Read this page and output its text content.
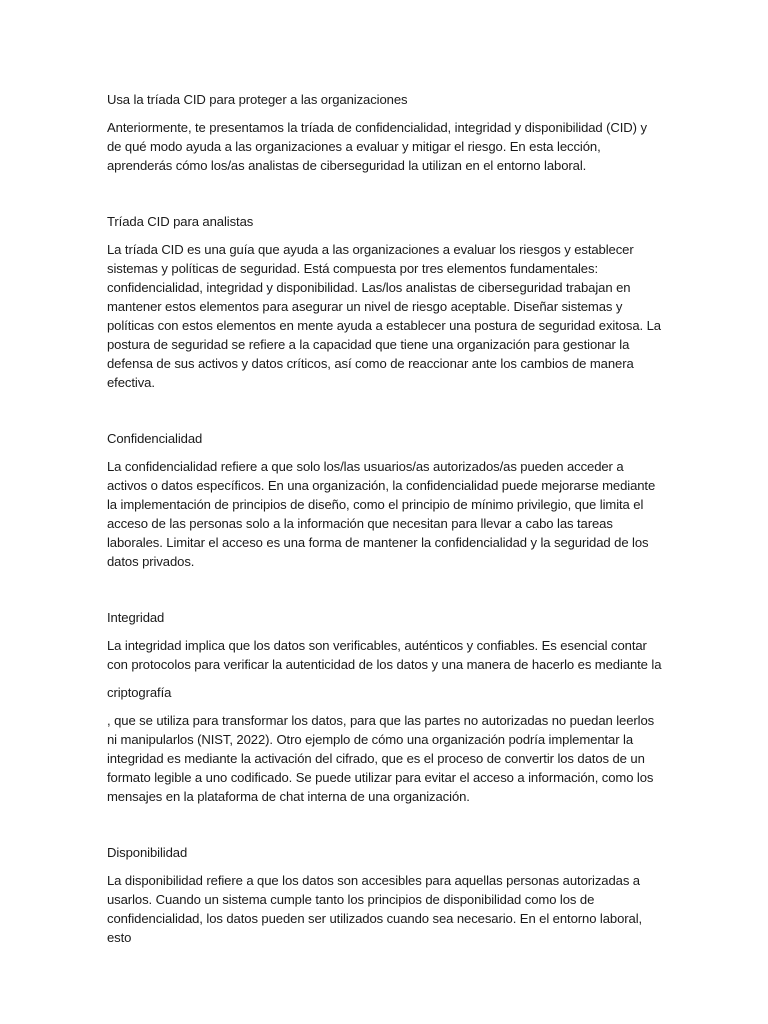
Usa la tríada CID para proteger a las organizaciones

Anteriormente, te presentamos la tríada de confidencialidad, integridad y disponibilidad (CID) y de qué modo ayuda a las organizaciones a evaluar y mitigar el riesgo. En esta lección, aprenderás cómo los/as analistas de ciberseguridad la utilizan en el entorno laboral.

Tríada CID para analistas

La tríada CID es una guía que ayuda a las organizaciones a evaluar los riesgos y establecer sistemas y políticas de seguridad. Está compuesta por tres elementos fundamentales: confidencialidad, integridad y disponibilidad. Las/los analistas de ciberseguridad trabajan en mantener estos elementos para asegurar un nivel de riesgo aceptable. Diseñar sistemas y políticas con estos elementos en mente ayuda a establecer una postura de seguridad exitosa. La postura de seguridad se refiere a la capacidad que tiene una organización para gestionar la defensa de sus activos y datos críticos, así como de reaccionar ante los cambios de manera efectiva.

Confidencialidad

La confidencialidad refiere a que solo los/las usuarios/as autorizados/as pueden acceder a activos o datos específicos. En una organización, la confidencialidad puede mejorarse mediante la implementación de principios de diseño, como el principio de mínimo privilegio, que limita el acceso de las personas solo a la información que necesitan para llevar a cabo las tareas laborales. Limitar el acceso es una forma de mantener la confidencialidad y la seguridad de los datos privados.

Integridad

La integridad implica que los datos son verificables, auténticos y confiables. Es esencial contar con protocolos para verificar la autenticidad de los datos y una manera de hacerlo es mediante la

criptografía

, que se utiliza para transformar los datos, para que las partes no autorizadas no puedan leerlos ni manipularlos (NIST, 2022). Otro ejemplo de cómo una organización podría implementar la integridad es mediante la activación del cifrado, que es el proceso de convertir los datos de un formato legible a uno codificado. Se puede utilizar para evitar el acceso a información, como los mensajes en la plataforma de chat interna de una organización.

Disponibilidad

La disponibilidad refiere a que los datos son accesibles para aquellas personas autorizadas a usarlos. Cuando un sistema cumple tanto los principios de disponibilidad como los de confidencialidad, los datos pueden ser utilizados cuando sea necesario. En el entorno laboral, esto
